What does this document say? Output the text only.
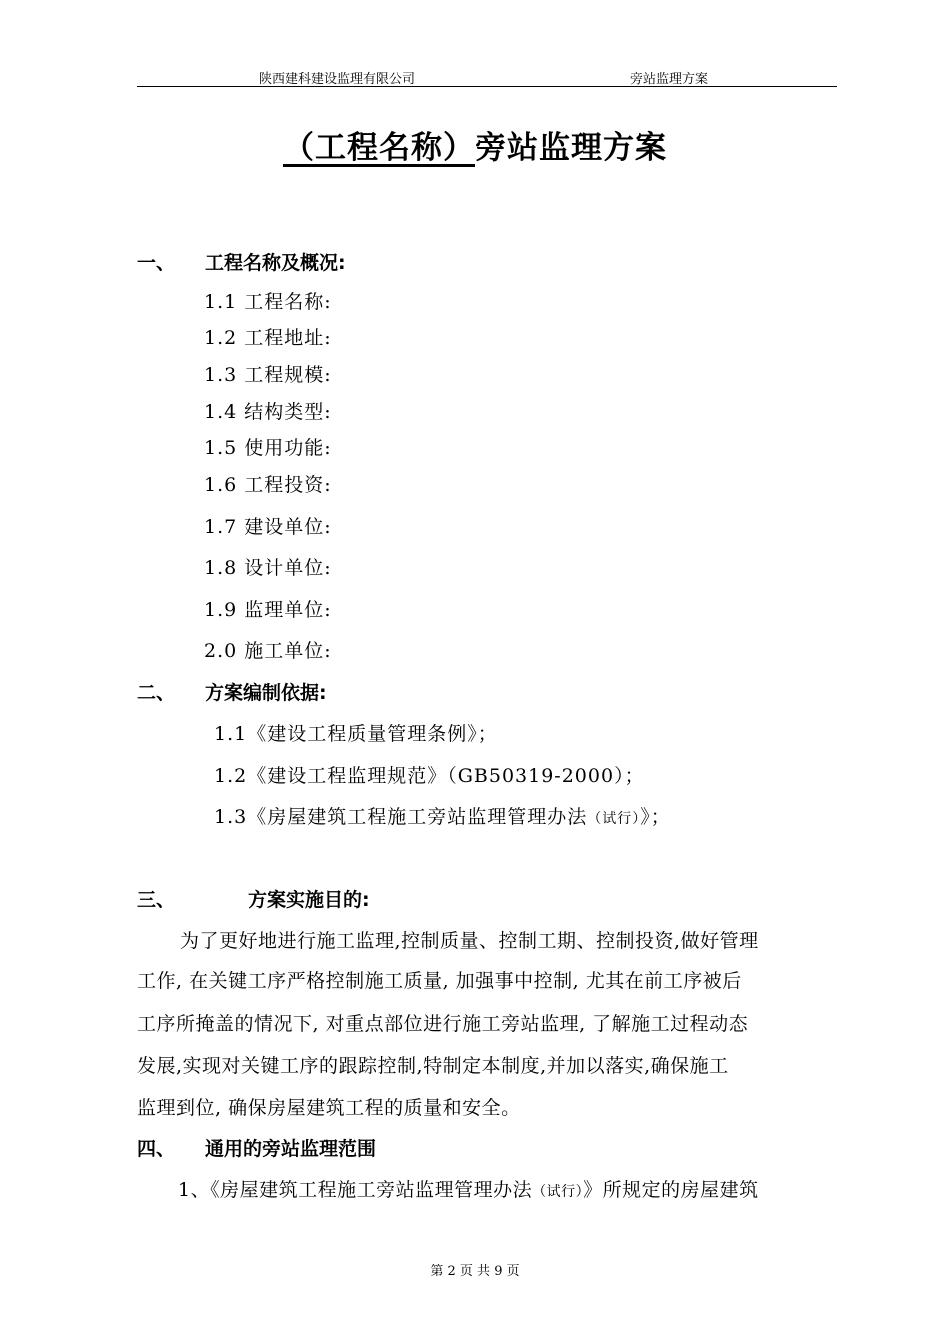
陕西建科建设监理有限公司	旁站监理方案
（工程名称）旁站监理方案
一、 工程名称及概况:
1.1 工程名称:
1.2 工程地址:
1.3 工程规模:
1.4 结构类型:
1.5 使用功能:
1.6 工程投资:
1.7 建设单位:
1.8 设计单位:
1.9 监理单位:
2.0 施工单位:
二、 方案编制依据:
1.1《建设工程质量管理条例》；
1.2《建设工程监理规范》（GB50319-2000）；
1.3《房屋建筑工程施工旁站监理管理办法（试行）》；
三、	方案实施目的:
为了更好地进行施工监理,控制质量、控制工期、控制投资,做好管理
工作, 在关键工序严格控制施工质量, 加强事中控制, 尤其在前工序被后
工序所掩盖的情况下, 对重点部位进行施工旁站监理, 了解施工过程动态
发展,实现对关键工序的跟踪控制,特制定本制度,并加以落实,确保施工
监理到位, 确保房屋建筑工程的质量和安全。
四、 通用的旁站监理范围
1、《房屋建筑工程施工旁站监理管理办法（试行）》所规定的房屋建筑
第 2 页 共 9 页
